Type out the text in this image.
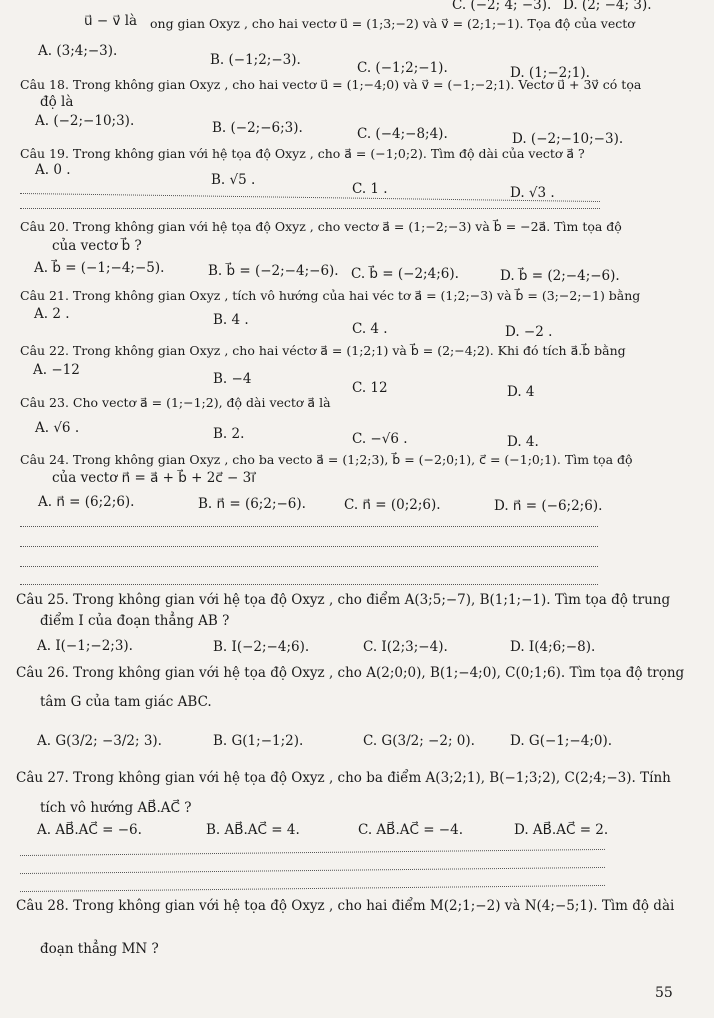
C. (−2; 4; −3). D. (2; −4; 3).
u⃗ − v⃗ là ong gian Oxyz , cho hai vectơ u⃗ = (1;3;−2) và v⃗ = (2;1;−1). Tọa độ của vectơ
A. (3;4;−3).
B. (−1;2;−3).	C. (−1;2;−1).	D. (1;−2;1).
Câu 18. Trong không gian Oxyz , cho hai vectơ u⃗ = (1;−4;0) và v⃗ = (−1;−2;1). Vectơ u⃗ + 3v⃗ có tọa
độ là
A. (−2;−10;3).	B. (−2;−6;3).	C. (−4;−8;4).	D. (−2;−10;−3).
Câu 19. Trong không gian với hệ tọa độ Oxyz , cho a⃗ = (−1;0;2). Tìm độ dài của vectơ a⃗ ?
A. 0 .
B. √5 .
C. 1 .	D. √3 .
Câu 20. Trong không gian với hệ tọa độ Oxyz , cho vectơ a⃗ = (1;−2;−3) và b⃗ = −2a⃗. Tìm tọa độ
của vectơ b⃗ ?
A. b⃗ = (−1;−4;−5).	B. b⃗ = (−2;−4;−6). C. b⃗ = (−2;4;6).	D. b⃗ = (2;−4;−6).
Câu 21. Trong không gian Oxyz , tích vô hướng của hai véc tơ a⃗ = (1;2;−3) và b⃗ = (3;−2;−1) bằng
A. 2 .	B. 4 .
C. 4 .	D. −2 .
Câu 22. Trong không gian Oxyz , cho hai véctơ a⃗ = (1;2;1) và b⃗ = (2;−4;2). Khi đó tích a⃗.b⃗ bằng
A. −12
B. −4
C. 12	D. 4
Câu 23. Cho vectơ a⃗ = (1;−1;2), độ dài vectơ a⃗ là
A. √6 .	B. 2.	C. −√6 .	D. 4.
Câu 24. Trong không gian Oxyz , cho ba vecto a⃗ = (1;2;3), b⃗ = (−2;0;1), c⃗ = (−1;0;1). Tìm tọa độ
của vectơ n⃗ = a⃗ + b⃗ + 2c⃗ − 3i⃗
A. n⃗ = (6;2;6).	B. n⃗ = (6;2;−6).	C. n⃗ = (0;2;6).	D. n⃗ = (−6;2;6).
Câu 25. Trong không gian với hệ tọa độ Oxyz , cho điểm A(3;5;−7), B(1;1;−1). Tìm tọa độ trung
điểm I của đoạn thẳng AB ?
A. I(−1;−2;3).	B. I(−2;−4;6).	C. I(2;3;−4).	D. I(4;6;−8).
Câu 26. Trong không gian với hệ tọa độ Oxyz , cho A(2;0;0), B(1;−4;0), C(0;1;6). Tìm tọa độ trọng
tâm G của tam giác ABC.
A. G(3/2; −3/2; 3).	B. G(1;−1;2).	C. G(3/2; −2; 0).	D. G(−1;−4;0).
Câu 27. Trong không gian với hệ tọa độ Oxyz , cho ba điểm A(3;2;1), B(−1;3;2), C(2;4;−3). Tính
tích vô hướng AB⃗.AC⃗ ?
A. AB⃗.AC⃗ = −6.	B. AB⃗.AC⃗ = 4.	C. AB⃗.AC⃗ = −4.	D. AB⃗.AC⃗ = 2.
Câu 28. Trong không gian với hệ tọa độ Oxyz , cho hai điểm M(2;1;−2) và N(4;−5;1). Tìm độ dài
đoạn thẳng MN ?
55
